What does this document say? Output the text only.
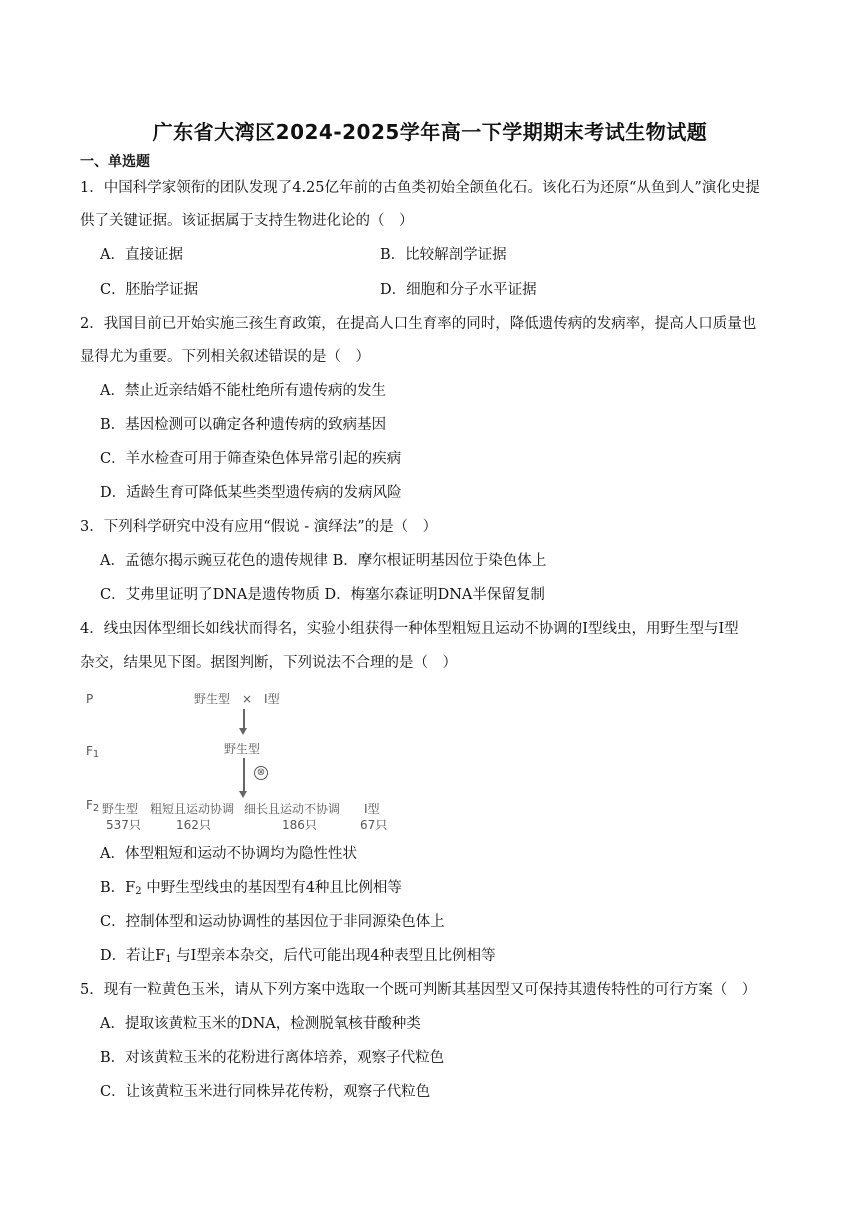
广东省大湾区2024-2025学年高一下学期期末考试生物试题
一、单选题
1．中国科学家领衔的团队发现了4.25亿年前的古鱼类初始全颌鱼化石。该化石为还原“从鱼到人”演化史提
供了关键证据。该证据属于支持生物进化论的（　）
A．直接证据	B．比较解剖学证据
C．胚胎学证据	D．细胞和分子水平证据
2．我国目前已开始实施三孩生育政策，在提高人口生育率的同时，降低遗传病的发病率，提高人口质量也
显得尤为重要。下列相关叙述错误的是（　）
A．禁止近亲结婚不能杜绝所有遗传病的发生
B．基因检测可以确定各种遗传病的致病基因
C．羊水检查可用于筛查染色体异常引起的疾病
D．适龄生育可降低某些类型遗传病的发病风险
3．下列科学研究中没有应用“假说 - 演绎法”的是（　）
A．孟德尔揭示豌豆花色的遗传规律 B．摩尔根证明基因位于染色体上
C．艾弗里证明了DNA是遗传物质 D．梅塞尔森证明DNA半保留复制
4．线虫因体型细长如线状而得名，实验小组获得一种体型粗短且运动不协调的Ⅰ型线虫，用野生型与Ⅰ型
杂交，结果见下图。据图判断，下列说法不合理的是（　）
P	野生型　×　Ⅰ型
$F_1$	野生型
⊗
$F_2$ 野生型 粗短且运动协调 细长且运动不协调 Ⅰ型
537只	162只	186只	67只
A．体型粗短和运动不协调均为隐性性状
B．$F_2$ 中野生型线虫的基因型有4种且比例相等
C．控制体型和运动协调性的基因位于非同源染色体上
D．若让$F_1$ 与Ⅰ型亲本杂交，后代可能出现4种表型且比例相等
5．现有一粒黄色玉米，请从下列方案中选取一个既可判断其基因型又可保持其遗传特性的可行方案（　）
A．提取该黄粒玉米的DNA，检测脱氧核苷酸种类
B．对该黄粒玉米的花粉进行离体培养，观察子代粒色
C．让该黄粒玉米进行同株异花传粉，观察子代粒色
